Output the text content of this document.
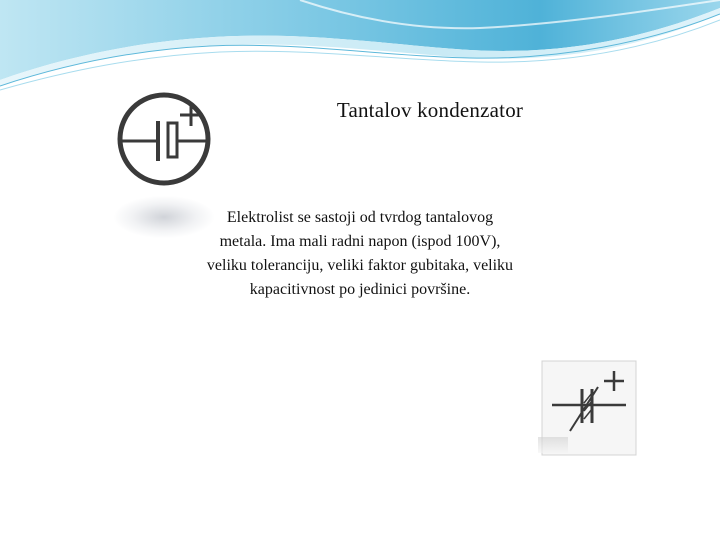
Tantalov kondenzator
Elektrolist se sastoji od tvrdog tantalovog
metala. Ima mali radni napon (ispod 100V),
veliku toleranciju, veliki faktor gubitaka, veliku
kapacitivnost po jedinici površine.
